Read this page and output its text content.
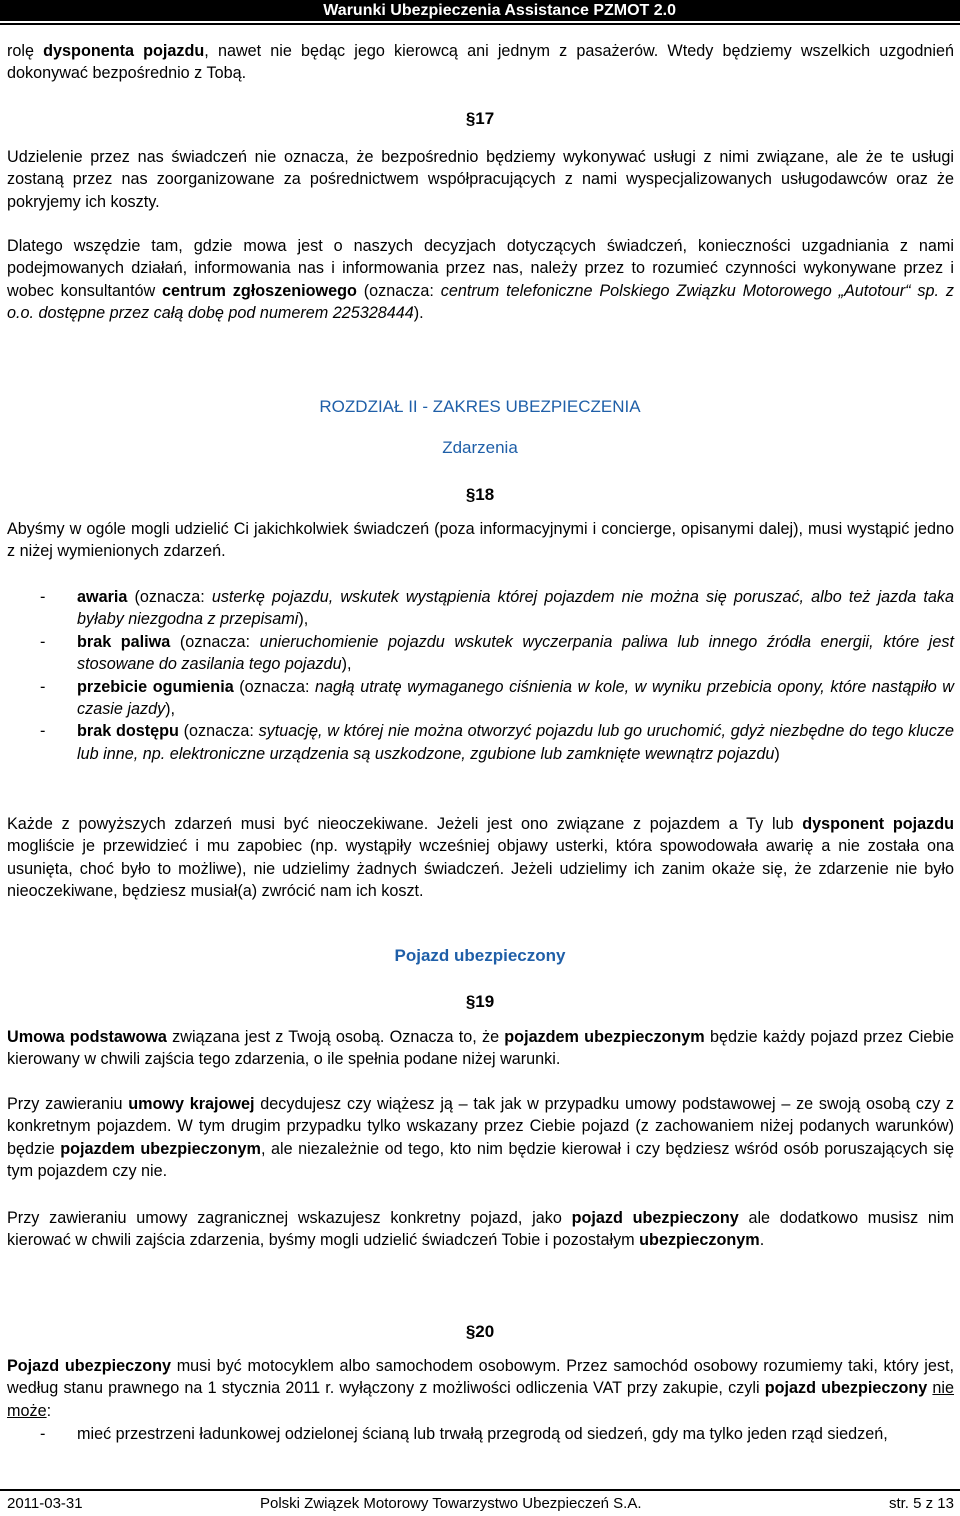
Warunki Ubezpieczenia Assistance PZMOT 2.0

rolę dysponenta pojazdu, nawet nie będąc jego kierowcą ani jednym z pasażerów. Wtedy będziemy wszelkich uzgodnień dokonywać bezpośrednio z Tobą.

§17

Udzielenie przez nas świadczeń nie oznacza, że bezpośrednio będziemy wykonywać usługi z nimi związane, ale że te usługi zostaną przez nas zoorganizowane za pośrednictwem współpracujących z nami wyspecjalizowanych usługodawców oraz że pokryjemy ich koszty.

Dlatego wszędzie tam, gdzie mowa jest o naszych decyzjach dotyczących świadczeń, konieczności uzgadniania z nami podejmowanych działań, informowania nas i informowania przez nas, należy przez to rozumieć czynności wykonywane przez i wobec konsultantów centrum zgłoszeniowego (oznacza: centrum telefoniczne Polskiego Związku Motorowego „Autotour“ sp. z o.o. dostępne przez całą dobę pod numerem 225328444).

ROZDZIAŁ II - ZAKRES UBEZPIECZENIA

Zdarzenia

§18

Abyśmy w ogóle mogli udzielić Ci jakichkolwiek świadczeń (poza informacyjnymi i concierge, opisanymi dalej), musi wystąpić jedno z niżej wymienionych zdarzeń.

- awaria (oznacza: usterkę pojazdu, wskutek wystąpienia której pojazdem nie można się poruszać, albo też jazda taka byłaby niezgodna z przepisami),
- brak paliwa (oznacza: unieruchomienie pojazdu wskutek wyczerpania paliwa lub innego źródła energii, które jest stosowane do zasilania tego pojazdu),
- przebicie ogumienia (oznacza: nagłą utratę wymaganego ciśnienia w kole, w wyniku przebicia opony, które nastąpiło w czasie jazdy),
- brak dostępu (oznacza: sytuację, w której nie można otworzyć pojazdu lub go uruchomić, gdyż niezbędne do tego klucze lub inne, np. elektroniczne urządzenia są uszkodzone, zgubione lub zamknięte wewnątrz pojazdu)

Każde z powyższych zdarzeń musi być nieoczekiwane. Jeżeli jest ono związane z pojazdem a Ty lub dysponent pojazdu mogliście je przewidzieć i mu zapobiec (np. wystąpiły wcześniej objawy usterki, która spowodowała awarię a nie została ona usunięta, choć było to możliwe), nie udzielimy żadnych świadczeń. Jeżeli udzielimy ich zanim okaże się, że zdarzenie nie było nieoczekiwane, będziesz musiał(a) zwrócić nam ich koszt.

Pojazd ubezpieczony

§19

Umowa podstawowa związana jest z Twoją osobą. Oznacza to, że pojazdem ubezpieczonym będzie każdy pojazd przez Ciebie kierowany w chwili zajścia tego zdarzenia, o ile spełnia podane niżej warunki.

Przy zawieraniu umowy krajowej decydujesz czy wiążesz ją – tak jak w przypadku umowy podstawowej – ze swoją osobą czy z konkretnym pojazdem. W tym drugim przypadku tylko wskazany przez Ciebie pojazd (z zachowaniem niżej podanych warunków) będzie pojazdem ubezpieczonym, ale niezależnie od tego, kto nim będzie kierował i czy będziesz wśród osób poruszających się tym pojazdem czy nie.

Przy zawieraniu umowy zagranicznej wskazujesz konkretny pojazd, jako pojazd ubezpieczony ale dodatkowo musisz nim kierować w chwili zajścia zdarzenia, byśmy mogli udzielić świadczeń Tobie i pozostałym ubezpieczonym.

§20

Pojazd ubezpieczony musi być motocyklem albo samochodem osobowym. Przez samochód osobowy rozumiemy taki, który jest, według stanu prawnego na 1 stycznia 2011 r. wyłączony z możliwości odliczenia VAT przy zakupie, czyli pojazd ubezpieczony nie może:

- mieć przestrzeni ładunkowej odzielonej ścianą lub trwałą przegrodą od siedzeń, gdy ma tylko jeden rząd siedzeń,
2011-03-31	Polski Związek Motorowy Towarzystwo Ubezpieczeń S.A.	str. 5 z 13
